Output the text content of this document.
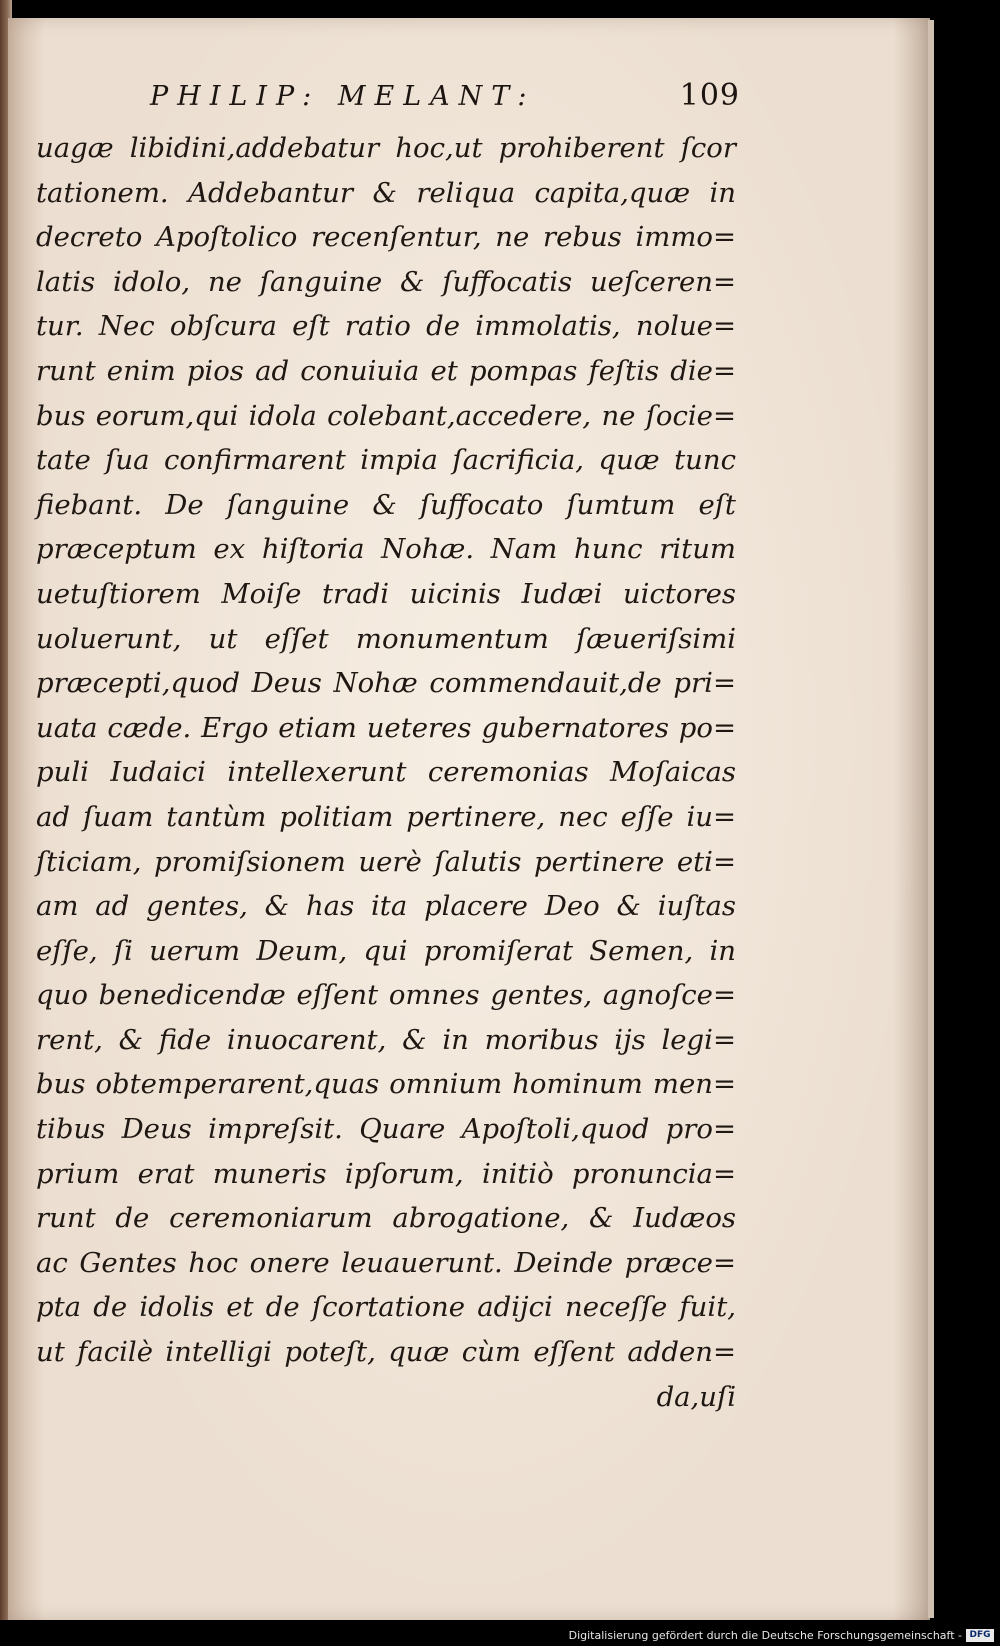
PHILIP: MELANT:	109
uagæ libidini,addebatur hoc,ut prohiberent ſcor
tationem. Addebantur & reliqua capita,quæ in
decreto Apoſtolico recenſentur, ne rebus immo=
latis idolo, ne ſanguine & ſuffocatis ueſceren=
tur. Nec obſcura eſt ratio de immolatis, nolue=
runt enim pios ad conuiuia et pompas feſtis die=
bus eorum,qui idola colebant,accedere, ne ſocie=
tate ſua confirmarent impia ſacrificia, quæ tunc
fiebant. De ſanguine & ſuffocato ſumtum eſt
præceptum ex hiſtoria Nohæ. Nam hunc ritum
uetuſtiorem Moiſe tradi uicinis Iudæi uictores
uoluerunt, ut eſſet monumentum ſæueriſsimi
præcepti,quod Deus Nohæ commendauit,de pri=
uata cæde. Ergo etiam ueteres gubernatores po=
puli Iudaici intellexerunt ceremonias Moſaicas
ad ſuam tantùm politiam pertinere, nec eſſe iu=
ſticiam, promiſsionem uerè ſalutis pertinere eti=
am ad gentes, & has ita placere Deo & iuſtas
eſſe, ſi uerum Deum, qui promiſerat Semen, in
quo benedicendæ eſſent omnes gentes, agnoſce=
rent, & fide inuocarent, & in moribus ijs legi=
bus obtemperarent,quas omnium hominum men=
tibus Deus impreſsit. Quare Apoſtoli,quod pro=
prium erat muneris ipſorum, initiò pronuncia=
runt de ceremoniarum abrogatione, & Iudæos
ac Gentes hoc onere leuauerunt. Deinde præce=
pta de idolis et de ſcortatione adijci neceſſe fuit,
ut facilè intelligi poteſt, quæ cùm eſſent adden=
da,uſi
Digitalisierung gefördert durch die Deutsche Forschungsgemeinschaft - DFG
